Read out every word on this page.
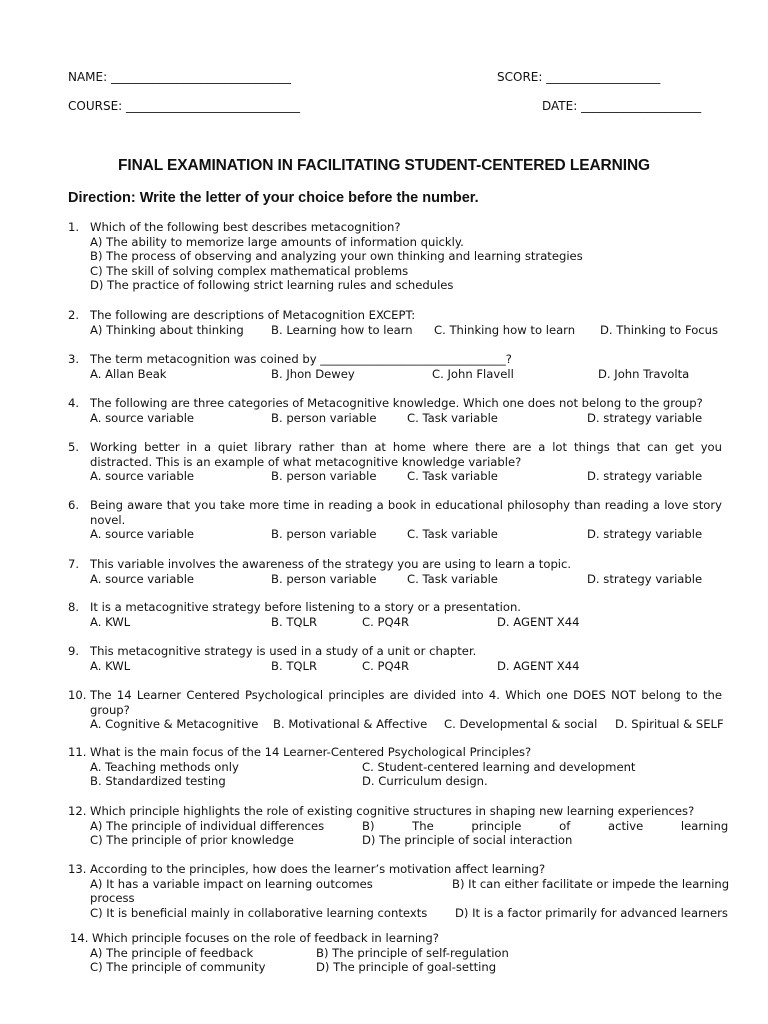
NAME: ______________________________	SCORE: ___________________
COURSE: _____________________________	DATE: ____________________
FINAL EXAMINATION IN FACILITATING STUDENT-CENTERED LEARNING
Direction: Write the letter of your choice before the number.
1. Which of the following best describes metacognition?
A) The ability to memorize large amounts of information quickly.
B) The process of observing and analyzing your own thinking and learning strategies
C) The skill of solving complex mathematical problems
D) The practice of following strict learning rules and schedules
2. The following are descriptions of Metacognition EXCEPT:
A) Thinking about thinking B. Learning how to learn C. Thinking how to learn D. Thinking to Focus
3. The term metacognition was coined by ________________________________?
A. Allan Beak	B. Jhon Dewey	C. John Flavell	D. John Travolta
4. The following are three categories of Metacognitive knowledge. Which one does not belong to the group?
A. source variable	B. person variable	C. Task variable	D. strategy variable
5. Working better in a quiet library rather than at home where there are a lot things that can get you distracted. This is an example of what metacognitive knowledge variable?
A. source variable	B. person variable	C. Task variable	D. strategy variable
6. Being aware that you take more time in reading a book in educational philosophy than reading a love story novel.
A. source variable	B. person variable	C. Task variable	D. strategy variable
7. This variable involves the awareness of the strategy you are using to learn a topic.
A. source variable	B. person variable	C. Task variable	D. strategy variable
8. It is a metacognitive strategy before listening to a story or a presentation.
A. KWL	B. TQLR	C. PQ4R	D. AGENT X44
9. This metacognitive strategy is used in a study of a unit or chapter.
A. KWL	B. TQLR	C. PQ4R	D. AGENT X44
10. The 14 Learner Centered Psychological principles are divided into 4. Which one DOES NOT belong to the group?
A. Cognitive & Metacognitive B. Motivational & Affective C. Developmental & social D. Spiritual & SELF
11. What is the main focus of the 14 Learner-Centered Psychological Principles?
A. Teaching methods only	C. Student-centered learning and development
B. Standardized testing	D. Curriculum design.
12. Which principle highlights the role of existing cognitive structures in shaping new learning experiences?
A) The principle of individual differences	B) The principle of active learning
C) The principle of prior knowledge	D) The principle of social interaction
13. According to the principles, how does the learner’s motivation affect learning?
A) It has a variable impact on learning outcomes	B) It can either facilitate or impede the learning
process
C) It is beneficial mainly in collaborative learning contexts D) It is a factor primarily for advanced learners
14. Which principle focuses on the role of feedback in learning?
A) The principle of feedback	B) The principle of self-regulation
C) The principle of community	D) The principle of goal-setting
